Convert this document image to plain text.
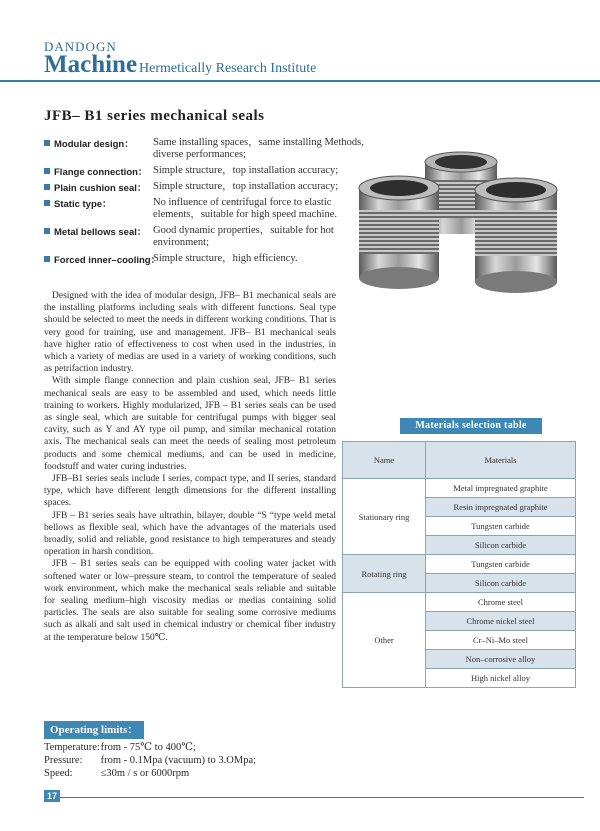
DANDOGN
Machine Hermetically Research Institute
JFB– B1 series mechanical seals
Modular design： Same installing spaces，same installing Methods, diverse performances;
Flange connection： Simple structure，top installation accuracy;
Plain cushion seal： Simple structure，top installation accuracy;
Static type：	No influence of centrifugal force to elastic elements，suitable for high speed machine.
Metal bellows seal： Good dynamic properties，suitable for hot environment;
Forced inner–cooling：
Simple structure，high efficiency.

Designed with the idea of modular design, JFB– B1 mechanical seals are the installing platforms including seals with different functions. Seal type should be selected to meet the needs in different working conditions. That is very good for training, use and management. JFB– B1 mechanical seals have higher ratio of effectiveness to cost when used in the industries, in which a variety of medias are used in a variety of working conditions, such as petrifaction industry.

With simple flange connection and plain cushion seal, JFB– B1 series mechanical seals are easy to be assembled and used, which needs little training to workers. Highly modularized, JFB – B1 series seals can be used as single seal, which are suitable for centrifugal pumps with bigger seal cavity, such as Y and AY type oil pump, and similar mechanical rotation axis. The mechanical seals can meet the needs of sealing most petroleum products and some chemical mediums, and can be used in medicine, foodstuff and water curing industries.

JFB–B1 series seals include I series, compact type, and II series, standard type, which have different length dimensions for the different installing spaces.

JFB – B1 series seals have ultrathin, bilayer, double “S “type weld metal bellows as flexible seal, which have the advantages of the materials used broadly, solid and reliable, good resistance to high temperatures and steady operation in harsh condition.

JFB – B1 series seals can be equipped with cooling water jacket with softened water or low–pressure steam, to control the temperature of sealed work environment, which make the mechanical seals reliable and suitable for sealing medium–high viscosity medias or medias containing solid particles. The seals are also suitable for sealing some corrosive mediums such as alkali and salt used in chemical industry or chemical fiber industry at the temperature below 150℃.

Materials selection table
Name	Materials
Stationary ring	Metal impregnated graphite
	Resin impregnated graphite
	Tungsten carbide
	Silicon carbide
Rotating ring	Tungsten carbide
	Silicon carbide
Other	Chrome steel
	Chrome nickel steel
	Cr–Ni–Mo steel
	Non–corrosive alloy
	High nickel alloy
Operating limits：
Temperature: from - 75℃ to 400℃;
Pressure: from - 0.1Mpa (vacuum) to 3.OMpa;
Speed:	≤30m / s or 6000rpm
17
